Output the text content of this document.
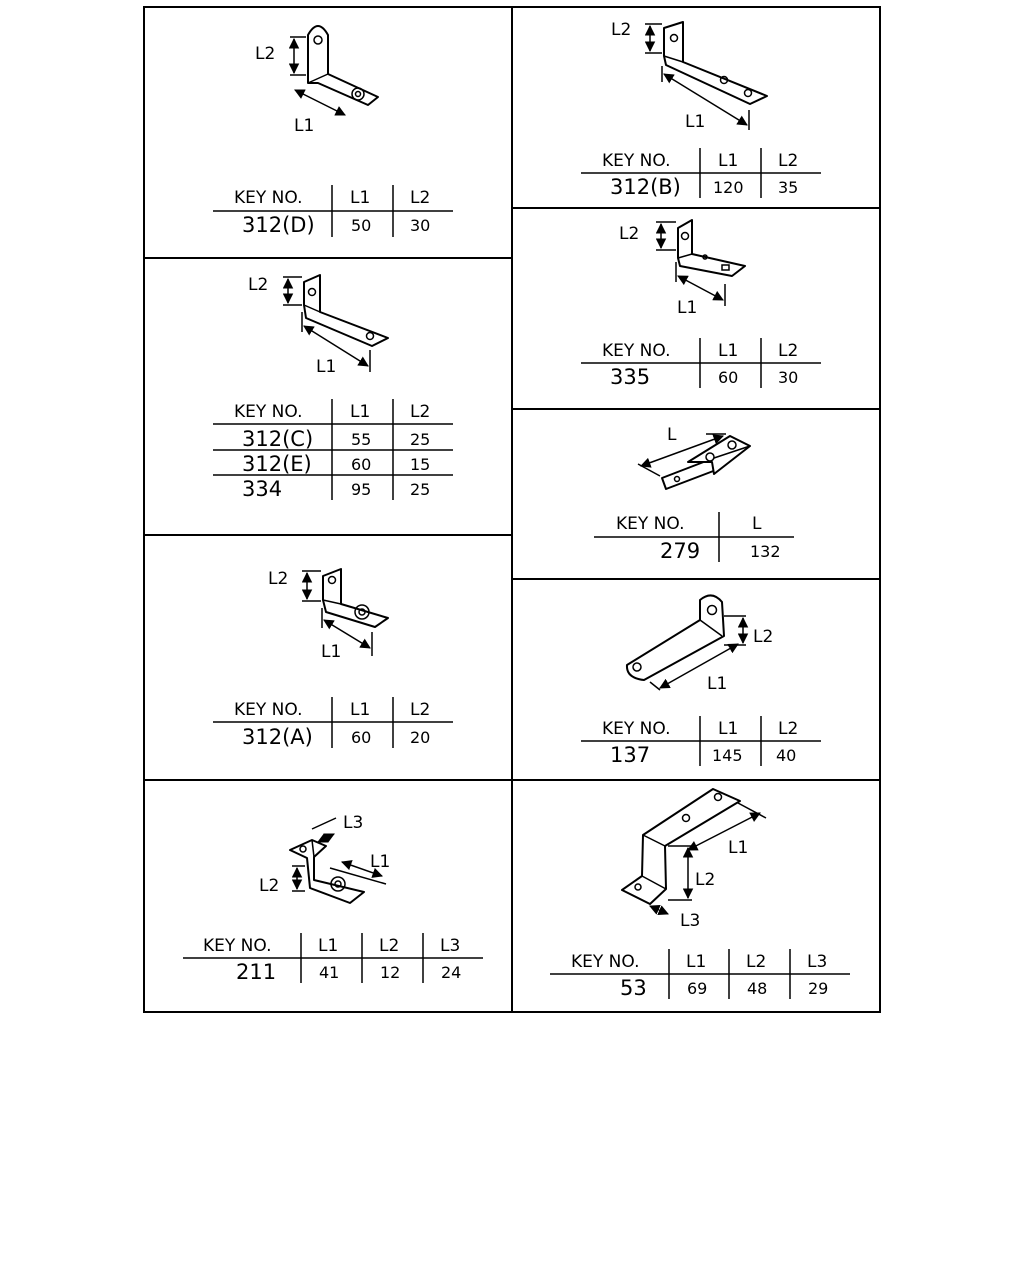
L2
L1
KEY NO.	L1 L2
312(D) 50 30
L2
L1
KEY NO.	L1 L2
312(B) 120 35
L2
L1
KEY NO.	L1 L2
312(C) 55 25
312(E) 60 15
334	95 25
L2
L1
KEY NO.	L1 L2
335	60 30
L
KEY NO.	L
279	132
L2
L1
KEY NO.	L1 L2
312(A) 60 20
L2
L1
KEY NO.	L1 L2
137	145 40
L3
L1
L2
KEY NO.	L1 L2 L3
211	41	12	24
L1
L2
L3
KEY NO.	L1 L2 L3
53	69 48	29
